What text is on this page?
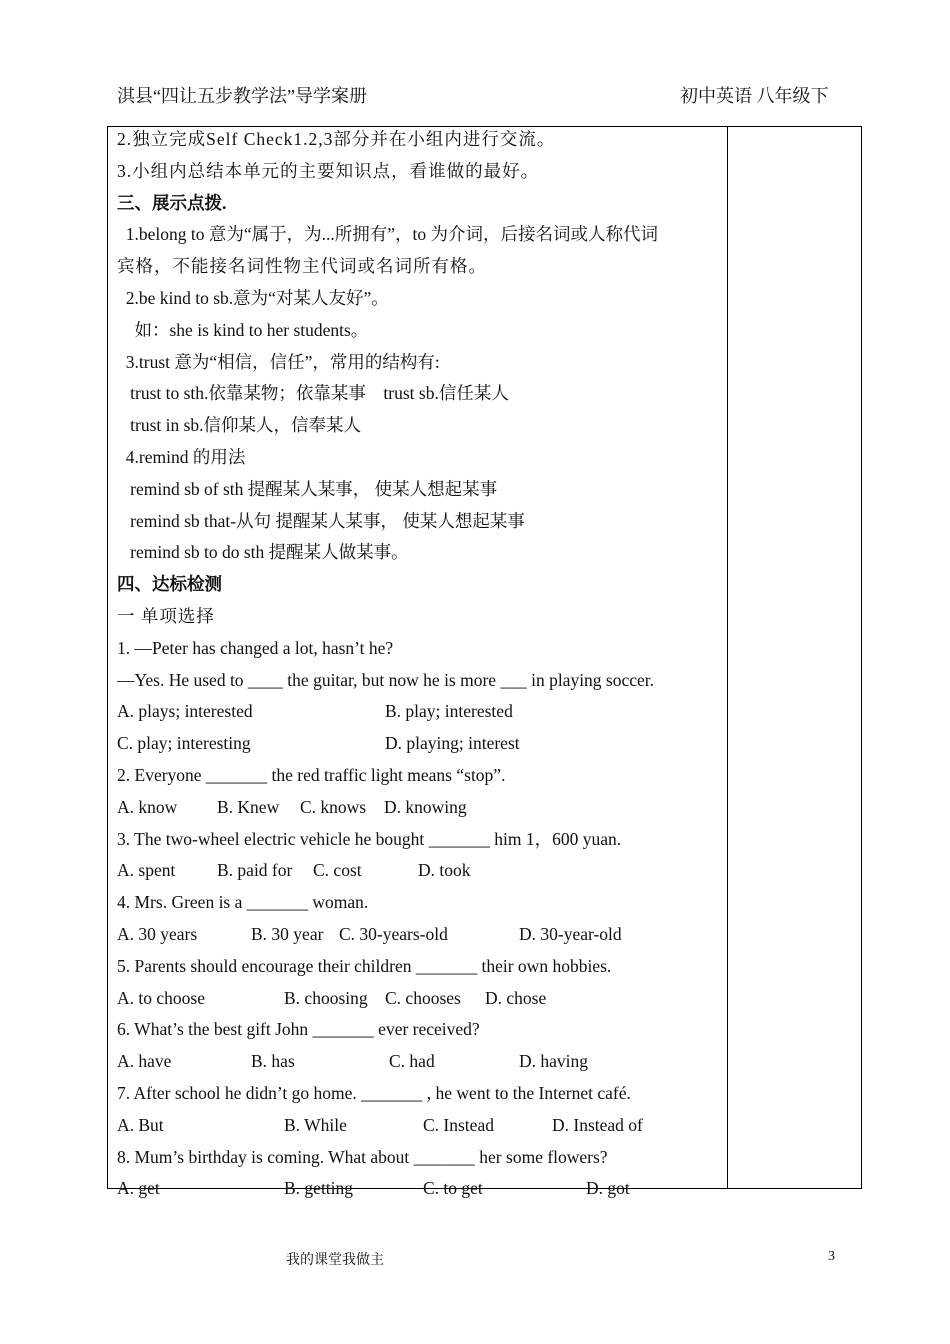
淇县“四让五步教学法”导学案册	初中英语 八年级下
2.独立完成Self Check1.2,3部分并在小组内进行交流。
3.小组内总结本单元的主要知识点，看谁做的最好。
三、展示点拨.
1.belong to 意为“属于，为...所拥有”，to 为介词，后接名词或人称代词
宾格，不能接名词性物主代词或名词所有格。
2.be kind to sb.意为“对某人友好”。
如：she is kind to her students。
3.trust 意为“相信，信任”，常用的结构有:
trust to sth.依靠某物；依靠某事    trust sb.信任某人
trust in sb.信仰某人，信奉某人
4.remind 的用法
remind sb of sth 提醒某人某事， 使某人想起某事
remind sb that-从句 提醒某人某事， 使某人想起某事
remind sb to do sth 提醒某人做某事。
四、达标检测
一 单项选择
1. —Peter has changed a lot, hasn’t he?
—Yes. He used to ____ the guitar, but now he is more ___ in playing soccer.
A. plays; interested	B. play; interested
C. play; interesting	D. playing; interest
2. Everyone _______ the red traffic light means “stop”.
A. know	B. Knew	C. knows	D. knowing
3. The two-wheel electric vehicle he bought _______ him 1，600 yuan.
A. spent	B. paid for	C. cost	D. took
4. Mrs. Green is a _______ woman.
A. 30 years	B. 30 year C. 30-years-old	D. 30-year-old
5. Parents should encourage their children _______ their own hobbies.
A. to choose	B. choosing C. chooses	D. chose
6. What’s the best gift John _______ ever received?
A. have	B. has	C. had	D. having
7. After school he didn’t go home. _______ , he went to the Internet café.
A. But	B. While	C. Instead	D. Instead of
8. Mum’s birthday is coming. What about _______ her some flowers?
A. get	B. getting	C. to get	D. got
我的课堂我做主	3
